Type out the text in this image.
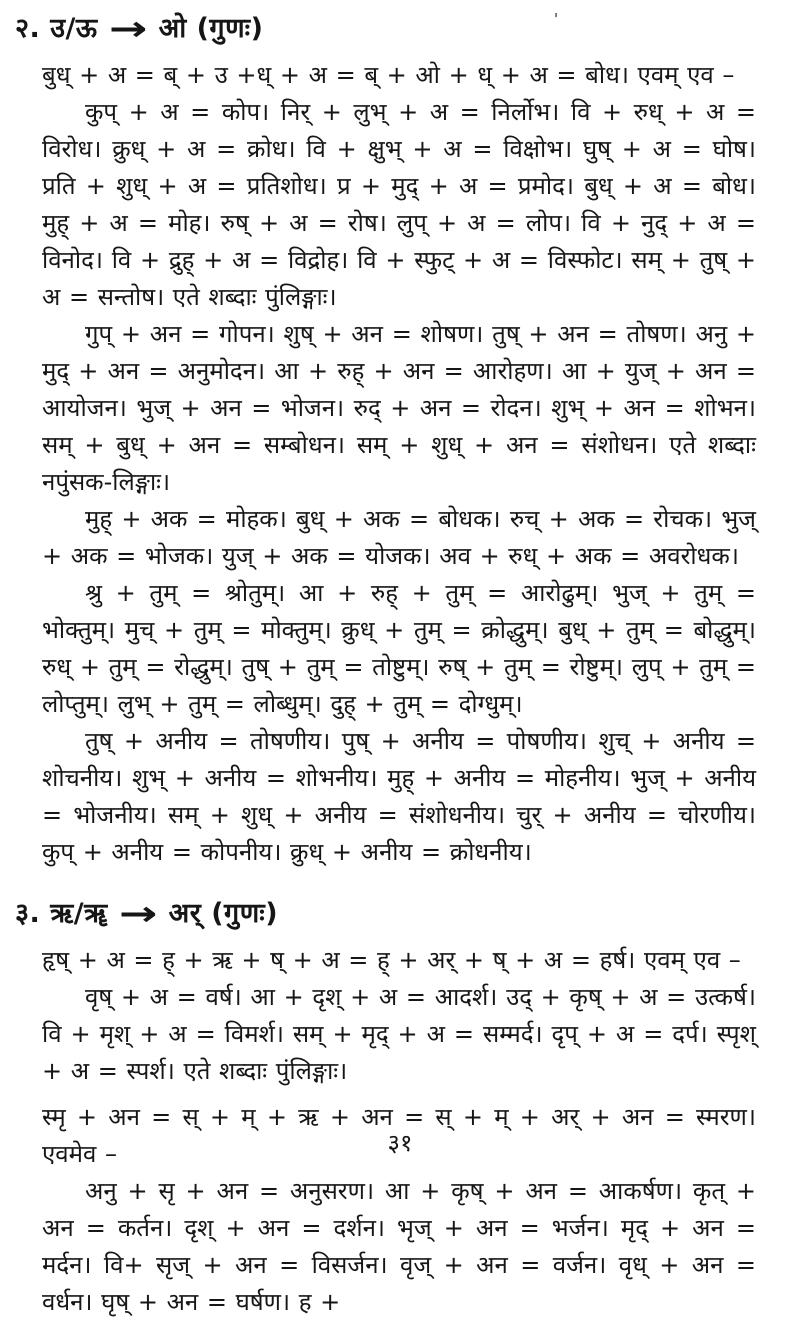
'
२. उ/ऊ → ओ (गुणः)

बुध् + अ = ब् + उ +ध् + अ = ब् + ओ + ध् + अ = बोध। एवम् एव –

कुप् + अ = कोप। निर् + लुभ् + अ = निर्लोभ। वि + रुध् + अ = विरोध। क्रुध् + अ = क्रोध। वि + क्षुभ् + अ = विक्षोभ। घुष् + अ = घोष। प्रति + शुध् + अ = प्रतिशोध। प्र + मुद् + अ = प्रमोद। बुध् + अ = बोध। मुह् + अ = मोह। रुष् + अ = रोष। लुप् + अ = लोप। वि + नुद् + अ = विनोद। वि + द्रुह् + अ = विद्रोह। वि + स्फुट् + अ = विस्फोट। सम् + तुष् + अ = सन्तोष। एते शब्दाः पुंलिङ्गाः।

गुप् + अन = गोपन। शुष् + अन = शोषण। तुष् + अन = तोषण। अनु + मुद् + अन = अनुमोदन। आ + रुह् + अन = आरोहण। आ + युज् + अन = आयोजन। भुज् + अन = भोजन। रुद् + अन = रोदन। शुभ् + अन = शोभन। सम् + बुध् + अन = सम्बोधन। सम् + शुध् + अन = संशोधन। एते शब्दाः नपुंसक-लिङ्गाः।

मुह् + अक = मोहक। बुध् + अक = बोधक। रुच् + अक = रोचक। भुज् + अक = भोजक। युज् + अक = योजक। अव + रुध् + अक = अवरोधक।

श्रु + तुम् = श्रोतुम्। आ + रुह् + तुम् = आरोढुम्। भुज् + तुम् = भोक्तुम्। मुच् + तुम् = मोक्तुम्। क्रुध् + तुम् = क्रोद्धुम्। बुध् + तुम् = बोद्धुम्। रुध् + तुम् = रोद्धुम्। तुष् + तुम् = तोष्टुम्। रुष् + तुम् = रोष्टुम्। लुप् + तुम् = लोप्तुम्। लुभ् + तुम् = लोब्धुम्। दुह् + तुम् = दोग्धुम्।

तुष् + अनीय = तोषणीय। पुष् + अनीय = पोषणीय। शुच् + अनीय = शोचनीय। शुभ् + अनीय = शोभनीय। मुह् + अनीय = मोहनीय। भुज् + अनीय = भोजनीय। सम् + शुध् + अनीय = संशोधनीय। चुर् + अनीय = चोरणीय। कुप् + अनीय = कोपनीय। क्रुध् + अनीय = क्रोधनीय।

३. ऋ/ॠ → अर् (गुणः)

हृष् + अ = ह् + ऋ + ष् + अ = ह् + अर् + ष् + अ = हर्ष। एवम् एव –

वृष् + अ = वर्ष। आ + दृश् + अ = आदर्श। उद् + कृष् + अ = उत्कर्ष। वि + मृश् + अ = विमर्श। सम् + मृद् + अ = सम्मर्द। दृप् + अ = दर्प। स्पृश् + अ = स्पर्श। एते शब्दाः पुंलिङ्गाः।

स्मृ + अन = स् + म् + ऋ + अन = स् + म् + अर् + अन = स्मरण। एवमेव –

अनु + सृ + अन = अनुसरण। आ + कृष् + अन = आकर्षण। कृत् + अन = कर्तन। दृश् + अन = दर्शन। भृज् + अन = भर्जन। मृद् + अन = मर्दन। वि+ सृज् + अन = विसर्जन। वृज् + अन = वर्जन। वृध् + अन = वर्धन। घृष् + अन = घर्षण। ह +

३१
